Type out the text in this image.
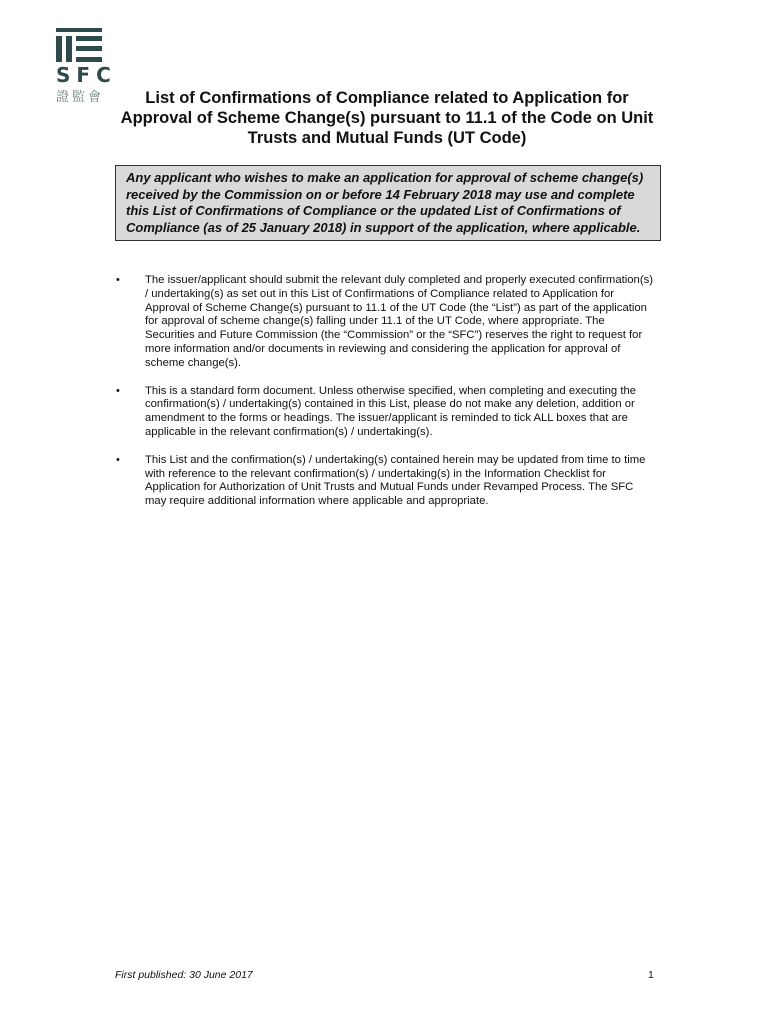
SFC
證監會	List of Confirmations of Compliance related to Application for Approval of Scheme Change(s) pursuant to 11.1 of the Code on Unit Trusts and Mutual Funds (UT Code)
Any applicant who wishes to make an application for approval of scheme change(s) received by the Commission on or before 14 February 2018 may use and complete this List of Confirmations of Compliance or the updated List of Confirmations of Compliance (as of 25 January 2018) in support of the application, where applicable.
• The issuer/applicant should submit the relevant duly completed and properly executed confirmation(s) / undertaking(s) as set out in this List of Confirmations of Compliance related to Application for Approval of Scheme Change(s) pursuant to 11.1 of the UT Code (the “List”) as part of the application for approval of scheme change(s) falling under 11.1 of the UT Code, where appropriate. The Securities and Future Commission (the “Commission” or the “SFC”) reserves the right to request for more information and/or documents in reviewing and considering the application for approval of scheme change(s).
• This is a standard form document. Unless otherwise specified, when completing and executing the confirmation(s) / undertaking(s) contained in this List, please do not make any deletion, addition or amendment to the forms or headings. The issuer/applicant is reminded to tick ALL boxes that are applicable in the relevant confirmation(s) / undertaking(s).
• This List and the confirmation(s) / undertaking(s) contained herein may be updated from time to time with reference to the relevant confirmation(s) / undertaking(s) in the Information Checklist for Application for Authorization of Unit Trusts and Mutual Funds under Revamped Process. The SFC may require additional information where applicable and appropriate.
First published: 30 June 2017	1
